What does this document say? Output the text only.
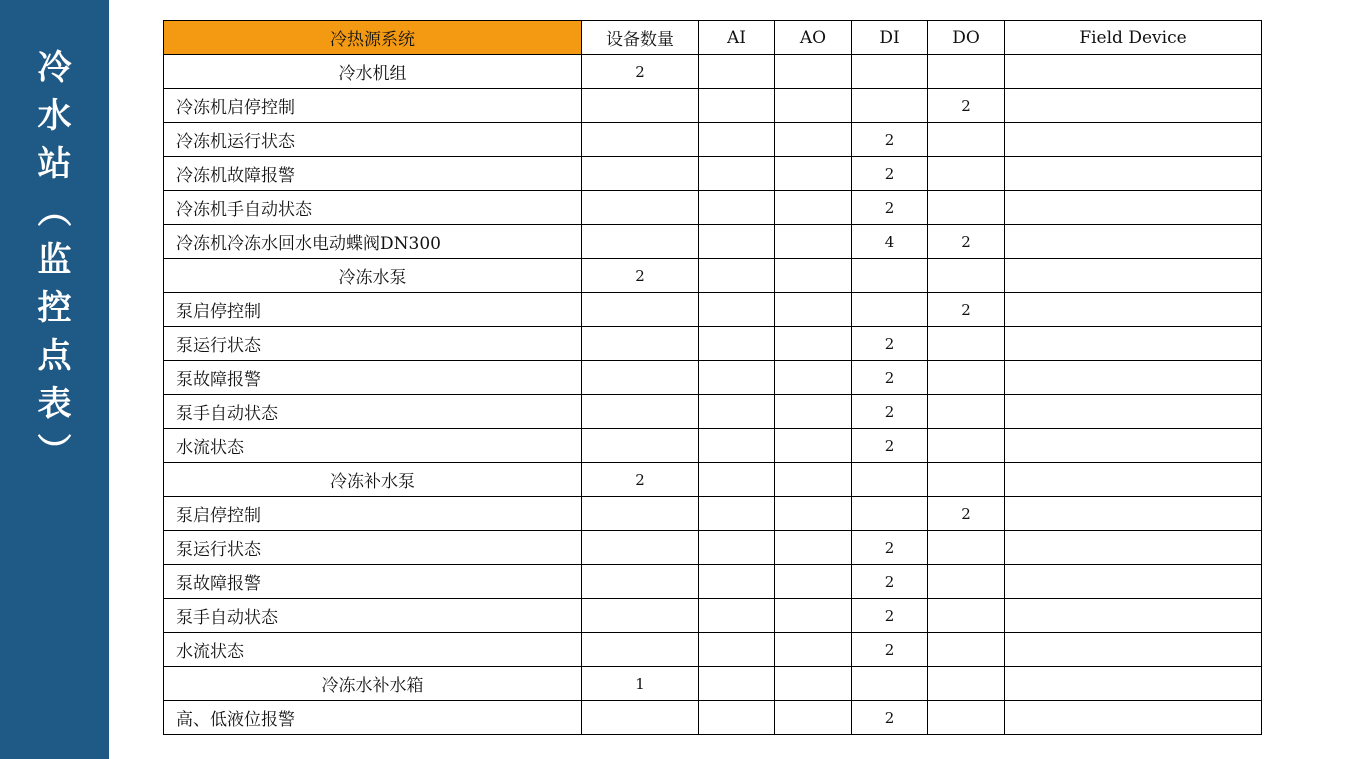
冷
水
站
︵
监
控
点
表
︶
冷热源系统	设备数量	AI	AO	DI	DO	Field Device
冷水机组	2					
冷冻机启停控制					2	
冷冻机运行状态				2		
冷冻机故障报警				2		
冷冻机手自动状态				2		
冷冻机冷冻水回水电动蝶阀DN300				4	2	
冷冻水泵	2					
泵启停控制					2	
泵运行状态				2		
泵故障报警				2		
泵手自动状态				2		
水流状态				2		
冷冻补水泵	2					
泵启停控制					2	
泵运行状态				2		
泵故障报警				2		
泵手自动状态				2		
水流状态				2		
冷冻水补水箱	1					
高、低液位报警				2		
